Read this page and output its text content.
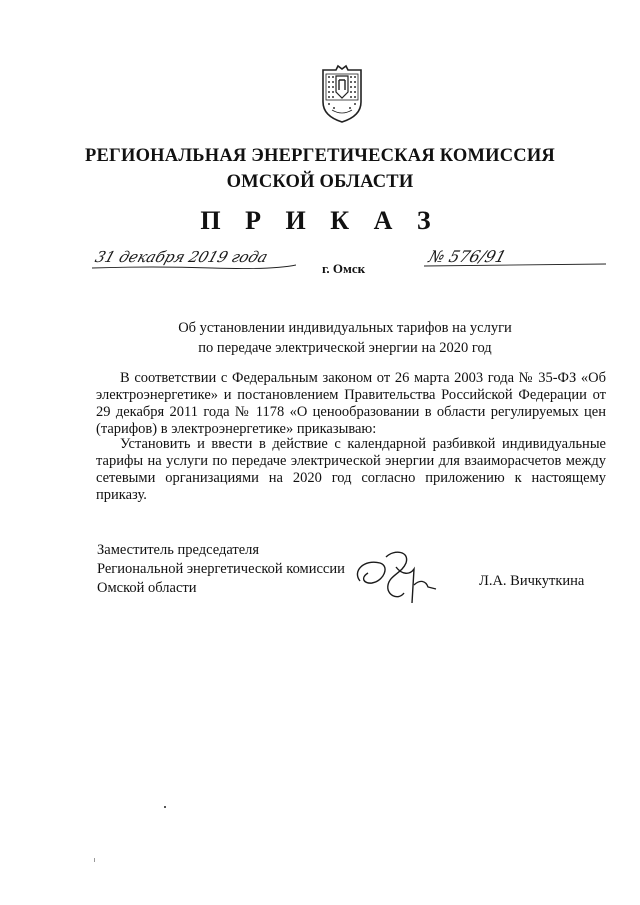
РЕГИОНАЛЬНАЯ ЭНЕРГЕТИЧЕСКАЯ КОМИССИЯ
ОМСКОЙ ОБЛАСТИ
П Р И К А З
31 декабря 2019 года
г. Омск
№ 576/91
Об установлении индивидуальных тарифов на услуги
по передаче электрической энергии на 2020 год
В соответствии с Федеральным законом от 26 марта 2003 года № 35-ФЗ «Об электроэнергетике» и постановлением Правительства Российской Федерации от 29 декабря 2011 года № 1178 «О ценообразовании в области регулируемых цен (тарифов) в электроэнергетике» приказываю:
Установить и ввести в действие с календарной разбивкой индивидуальные тарифы на услуги по передаче электрической энергии для взаиморасчетов между сетевыми организациями на 2020 год согласно приложению к настоящему приказу.
Заместитель председателя
Региональной энергетической комиссии
Омской области	Л.А. Вичкуткина
